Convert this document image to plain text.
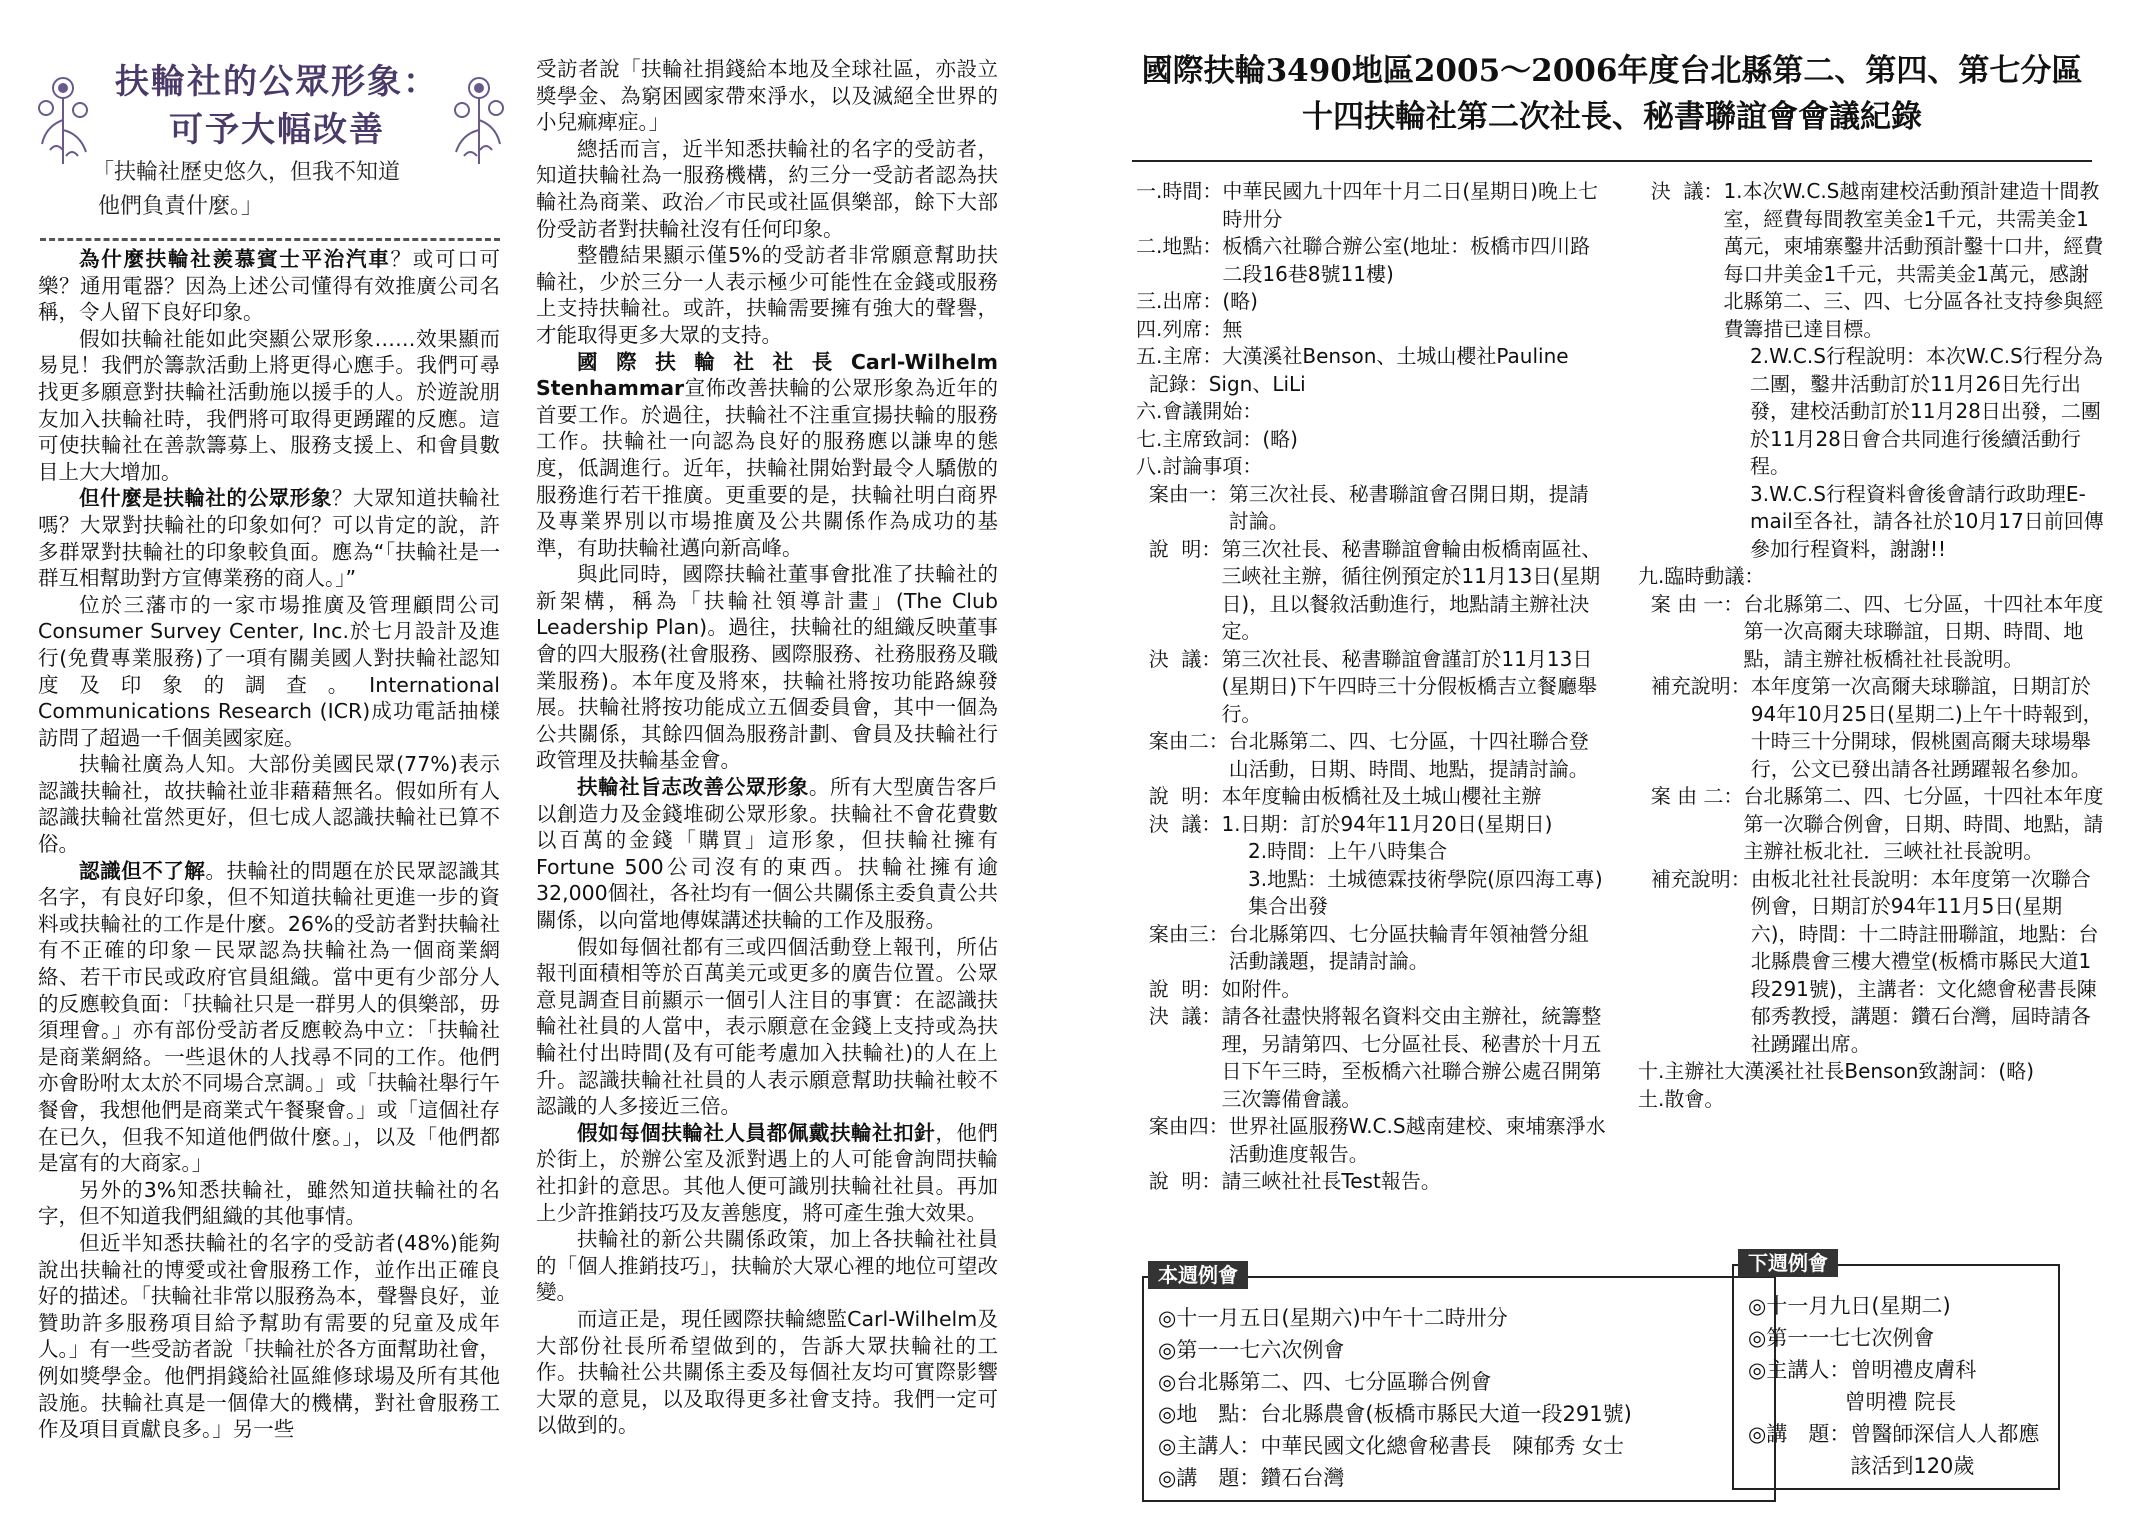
扶輪社的公眾形象：
可予大幅改善
「扶輪社歷史悠久，但我不知道
他們負責什麼。」

為什麼扶輪社羨慕賓士平治汽車？或可口可樂？通用電器？因為上述公司懂得有效推廣公司名稱，令人留下良好印象。

假如扶輪社能如此突顯公眾形象……效果顯而易見！我們於籌款活動上將更得心應手。我們可尋找更多願意對扶輪社活動施以援手的人。於遊說朋友加入扶輪社時，我們將可取得更踴躍的反應。這可使扶輪社在善款籌募上、服務支援上、和會員數目上大大增加。

但什麼是扶輪社的公眾形象？大眾知道扶輪社嗎？大眾對扶輪社的印象如何？可以肯定的說，許多群眾對扶輪社的印象較負面。應為“「扶輪社是一群互相幫助對方宣傳業務的商人。」”

位於三藩市的一家市場推廣及管理顧問公司 Consumer Survey Center, Inc.於七月設計及進行(免費專業服務)了一項有關美國人對扶輪社認知度及印象的調查。International Communications Research (ICR)成功電話抽樣訪問了超過一千個美國家庭。

扶輪社廣為人知。大部份美國民眾(77%)表示認識扶輪社，故扶輪社並非藉藉無名。假如所有人認識扶輪社當然更好，但七成人認識扶輪社已算不俗。

認識但不了解。扶輪社的問題在於民眾認識其名字，有良好印象，但不知道扶輪社更進一步的資料或扶輪社的工作是什麼。26%的受訪者對扶輪社有不正確的印象－民眾認為扶輪社為一個商業網絡、若干市民或政府官員組織。當中更有少部分人的反應較負面：「扶輪社只是一群男人的俱樂部，毋須理會。」亦有部份受訪者反應較為中立：「扶輪社是商業網絡。一些退休的人找尋不同的工作。他們亦會盼咐太太於不同場合烹調。」或「扶輪社舉行午餐會，我想他們是商業式午餐聚會。」或「這個社存在已久，但我不知道他們做什麼。」，以及「他們都是富有的大商家。」

另外的3%知悉扶輪社，雖然知道扶輪社的名字，但不知道我們組織的其他事情。

但近半知悉扶輪社的名字的受訪者(48%)能夠說出扶輪社的博愛或社會服務工作，並作出正確良好的描述。「扶輪社非常以服務為本，聲譽良好，並贊助許多服務項目給予幫助有需要的兒童及成年人。」有一些受訪者說「扶輪社於各方面幫助社會，例如獎學金。他們捐錢給社區維修球場及所有其他設施。扶輪社真是一個偉大的機構，對社會服務工作及項目貢獻良多。」另一些

受訪者說「扶輪社捐錢給本地及全球社區，亦設立獎學金、為窮困國家帶來淨水，以及滅絕全世界的小兒痲痺症。」

總括而言，近半知悉扶輪社的名字的受訪者，知道扶輪社為一服務機構，約三分一受訪者認為扶輪社為商業、政治／市民或社區俱樂部，餘下大部份受訪者對扶輪社沒有任何印象。

整體結果顯示僅5%的受訪者非常願意幫助扶輪社，少於三分一人表示極少可能性在金錢或服務上支持扶輪社。或許，扶輪需要擁有強大的聲譽，才能取得更多大眾的支持。

國際扶輪社社長Carl-Wilhelm Stenhammar宣佈改善扶輪的公眾形象為近年的首要工作。於過往，扶輪社不注重宣揚扶輪的服務工作。扶輪社一向認為良好的服務應以謙卑的態度，低調進行。近年，扶輪社開始對最令人驕傲的服務進行若干推廣。更重要的是，扶輪社明白商界及專業界別以市場推廣及公共關係作為成功的基準，有助扶輪社邁向新高峰。

與此同時，國際扶輪社董事會批准了扶輪社的新架構，稱為「扶輪社領導計畫」(The Club Leadership Plan)。過往，扶輪社的組織反映董事會的四大服務(社會服務、國際服務、社務服務及職業服務)。本年度及將來，扶輪社將按功能路線發展。扶輪社將按功能成立五個委員會，其中一個為公共關係，其餘四個為服務計劃、會員及扶輪社行政管理及扶輪基金會。

扶輪社旨志改善公眾形象。所有大型廣告客戶以創造力及金錢堆砌公眾形象。扶輪社不會花費數以百萬的金錢「購買」這形象，但扶輪社擁有Fortune 500公司沒有的東西。扶輪社擁有逾32,000個社，各社均有一個公共關係主委負責公共關係，以向當地傳媒講述扶輪的工作及服務。

假如每個社都有三或四個活動登上報刊，所佔報刊面積相等於百萬美元或更多的廣告位置。公眾意見調查目前顯示一個引人注目的事實：在認識扶輪社社員的人當中，表示願意在金錢上支持或為扶輪社付出時間(及有可能考慮加入扶輪社)的人在上升。認識扶輪社社員的人表示願意幫助扶輪社較不認識的人多接近三倍。

假如每個扶輪社人員都佩戴扶輪社扣針，他們於街上，於辦公室及派對遇上的人可能會詢問扶輪社扣針的意思。其他人便可識別扶輪社社員。再加上少許推銷技巧及友善態度，將可產生強大效果。

扶輪社的新公共關係政策，加上各扶輪社社員的「個人推銷技巧」，扶輪於大眾心裡的地位可望改變。

而這正是，現任國際扶輪總監Carl-Wilhelm及大部份社長所希望做到的，告訴大眾扶輪社的工作。扶輪社公共關係主委及每個社友均可實際影響大眾的意見，以及取得更多社會支持。我們一定可以做到的。

國際扶輪3490地區2005～2006年度台北縣第二、第四、第七分區
十四扶輪社第二次社長、秘書聯誼會會議紀錄
一.時間： 中華民國九十四年十月二日(星期日)晚上七時卅分
二.地點： 板橋六社聯合辦公室(地址：板橋市四川路二段16巷8號11樓)
三.出席： (略)
四.列席： 無
五.主席： 大漢溪社Benson、土城山櫻社Pauline
記錄： Sign、LiLi
六.會議開始：
七.主席致詞： (略)
八.討論事項：
案由一： 第三次社長、秘書聯誼會召開日期，提請討論。
說  明： 第三次社長、秘書聯誼會輪由板橋南區社、三峽社主辦，循往例預定於11月13日(星期日)，且以餐敘活動進行，地點請主辦社決定。
決  議： 第三次社長、秘書聯誼會謹訂於11月13日(星期日)下午四時三十分假板橋吉立餐廳舉行。
案由二： 台北縣第二、四、七分區，十四社聯合登山活動，日期、時間、地點，提請討論。
說  明： 本年度輪由板橋社及土城山櫻社主辦
決  議： 1.日期：訂於94年11月20日(星期日)
2.時間：上午八時集合
3.地點：土城德霖技術學院(原四海工專)集合出發
案由三： 台北縣第四、七分區扶輪青年領袖營分組活動議題，提請討論。
說  明： 如附件。
決  議： 請各社盡快將報名資料交由主辦社，統籌整理，另請第四、七分區社長、秘書於十月五日下午三時，至板橋六社聯合辦公處召開第三次籌備會議。
案由四： 世界社區服務W.C.S越南建校、柬埔寨淨水活動進度報告。
說  明： 請三峽社社長Test報告。
決  議： 1.本次W.C.S越南建校活動預計建造十間教室，經費每間教室美金1千元，共需美金1萬元，柬埔寨鑿井活動預計鑿十口井，經費每口井美金1千元，共需美金1萬元，感謝北縣第二、三、四、七分區各社支持參與經費籌措已達目標。
2.W.C.S行程說明：本次W.C.S行程分為二團，鑿井活動訂於11月26日先行出發，建校活動訂於11月28日出發，二團於11月28日會合共同進行後續活動行程。
3.W.C.S行程資料會後會請行政助理E-mail至各社，請各社於10月17日前回傳參加行程資料，謝謝!!
九.臨時動議：
案 由 一： 台北縣第二、四、七分區，十四社本年度第一次高爾夫球聯誼，日期、時間、地點，請主辦社板橋社社長說明。
補充說明： 本年度第一次高爾夫球聯誼，日期訂於94年10月25日(星期二)上午十時報到，十時三十分開球，假桃園高爾夫球場舉行，公文已發出請各社踴躍報名參加。
案 由 二： 台北縣第二、四、七分區，十四社本年度第一次聯合例會，日期、時間、地點，請主辦社板北社．三峽社社長說明。
補充說明： 由板北社社長說明：本年度第一次聯合例會，日期訂於94年11月5日(星期六)，時間：十二時註冊聯誼，地點：台北縣農會三樓大禮堂(板橋市縣民大道1段291號)，主講者：文化總會秘書長陳郁秀教授，講題：鑽石台灣，屆時請各社踴躍出席。
十.主辦社大漢溪社社長Benson致謝詞： (略)
土.散會。
本週例會
◎十一月五日(星期六)中午十二時卅分
◎第一一七六次例會
◎台北縣第二、四、七分區聯合例會
◎地　點： 台北縣農會(板橋市縣民大道一段291號)
◎主講人： 中華民國文化總會秘書長　陳郁秀 女士
◎講　題： 鑽石台灣
下週例會
◎十一月九日(星期二)
◎第一一七七次例會
◎主講人： 曾明禮皮膚科
曾明禮 院長
◎講　題： 曾醫師深信人人都應該活到120歲
